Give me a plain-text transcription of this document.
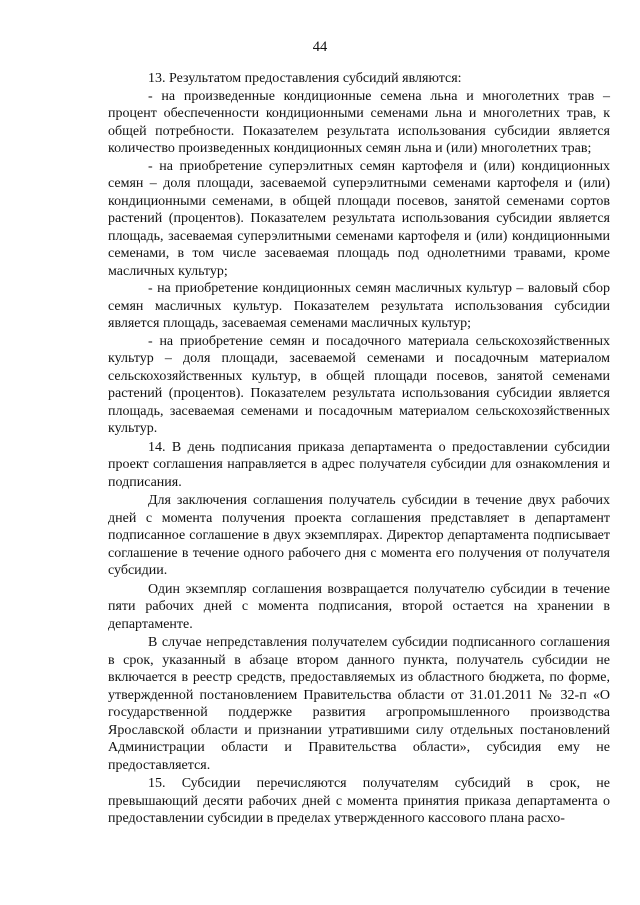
44

13. Результатом предоставления субсидий являются:

- на произведенные кондиционные семена льна и многолетних трав – процент обеспеченности кондиционными семенами льна и многолетних трав, к общей потребности. Показателем результата использования субсидии является количество произведенных кондиционных семян льна и (или) многолетних трав;

- на приобретение суперэлитных семян картофеля и (или) кондиционных семян – доля площади, засеваемой суперэлитными семенами картофеля и (или) кондиционными семенами, в общей площади посевов, занятой семенами сортов растений (процентов). Показателем результата использования субсидии является площадь, засеваемая суперэлитными семенами картофеля и (или) кондиционными семенами, в том числе засеваемая площадь под однолетними травами, кроме масличных культур;

- на приобретение кондиционных семян масличных культур – валовый сбор семян масличных культур. Показателем результата использования субсидии является площадь, засеваемая семенами масличных культур;

- на приобретение семян и посадочного материала сельскохозяйственных культур – доля площади, засеваемой семенами и посадочным материалом сельскохозяйственных культур, в общей площади посевов, занятой семенами растений (процентов). Показателем результата использования субсидии является площадь, засеваемая семенами и посадочным материалом сельскохозяйственных культур.

14. В день подписания приказа департамента о предоставлении субсидии проект соглашения направляется в адрес получателя субсидии для ознакомления и подписания.

Для заключения соглашения получатель субсидии в течение двух рабочих дней с момента получения проекта соглашения представляет в департамент подписанное соглашение в двух экземплярах. Директор департамента подписывает соглашение в течение одного рабочего дня с момента его получения от получателя субсидии.

Один экземпляр соглашения возвращается получателю субсидии в течение пяти рабочих дней с момента подписания, второй остается на хранении в департаменте.

В случае непредставления получателем субсидии подписанного соглашения в срок, указанный в абзаце втором данного пункта, получатель субсидии не включается в реестр средств, предоставляемых из областного бюджета, по форме, утвержденной постановлением Правительства области от 31.01.2011 № 32-п «О государственной поддержке развития агропромышленного производства Ярославской области и признании утратившими силу отдельных постановлений Администрации области и Правительства области», субсидия ему не предоставляется.

15. Субсидии перечисляются получателям субсидий в срок, не превышающий десяти рабочих дней с момента принятия приказа департамента о предоставлении субсидии в пределах утвержденного кассового плана расхо-
